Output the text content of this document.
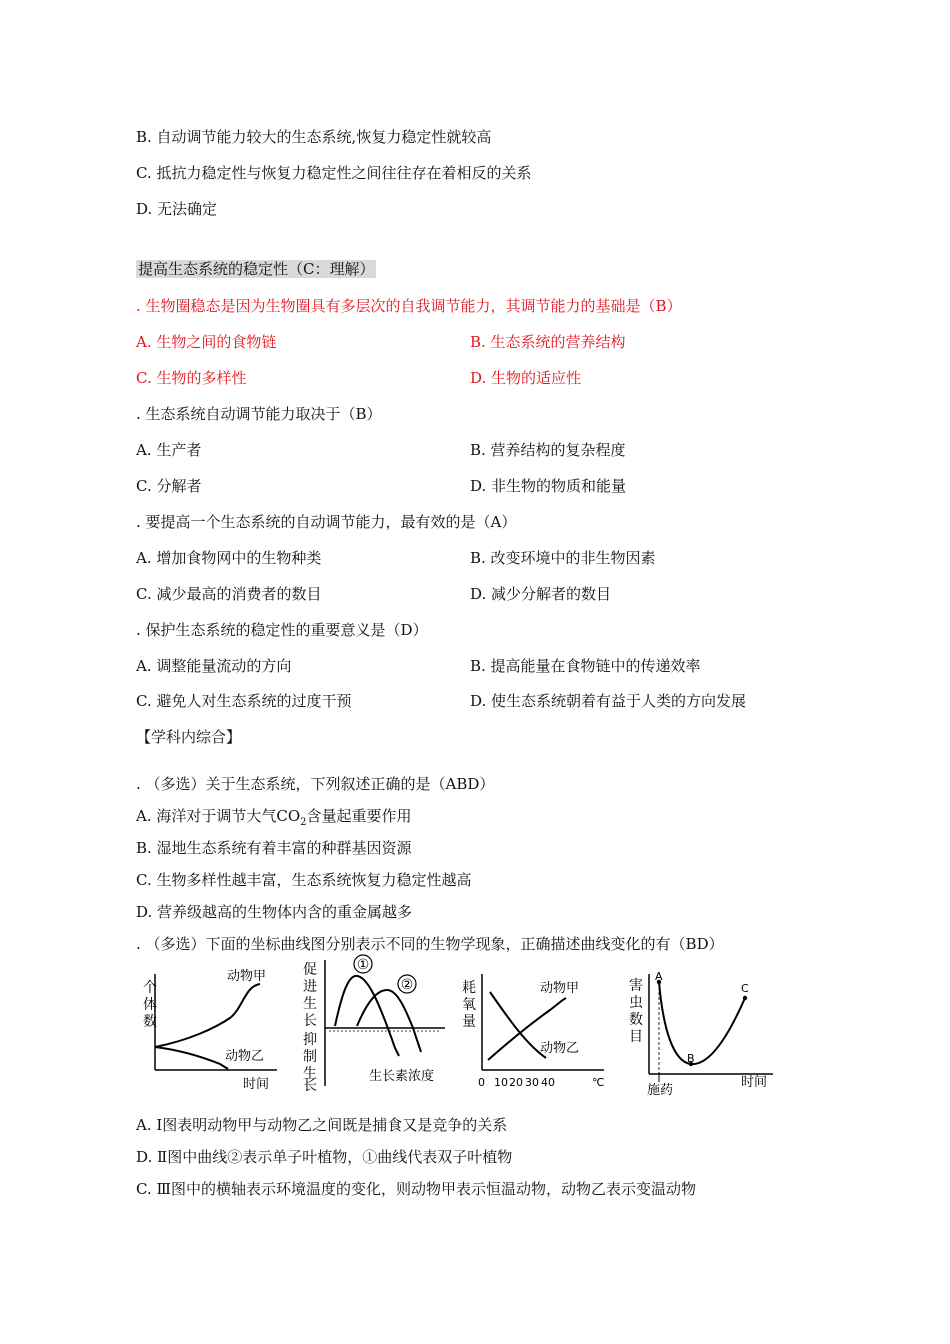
B. 自动调节能力较大的生态系统,恢复力稳定性就较高
C. 抵抗力稳定性与恢复力稳定性之间往往存在着相反的关系
D. 无法确定
提高生态系统的稳定性（C：理解）
. 生物圈稳态是因为生物圈具有多层次的自我调节能力，其调节能力的基础是（B）
A. 生物之间的食物链	B. 生态系统的营养结构
C. 生物的多样性	D. 生物的适应性
. 生态系统自动调节能力取决于（B）
A. 生产者	B. 营养结构的复杂程度
C. 分解者	D. 非生物的物质和能量
. 要提高一个生态系统的自动调节能力，最有效的是（A）
A. 增加食物网中的生物种类	B. 改变环境中的非生物因素
C. 减少最高的消费者的数目	D. 减少分解者的数目
. 保护生态系统的稳定性的重要意义是（D）
A. 调整能量流动的方向	B. 提高能量在食物链中的传递效率
C. 避免人对生态系统的过度干预	D. 使生态系统朝着有益于人类的方向发展
【学科内综合】
. （多选）关于生态系统，下列叙述正确的是（ABD）
A. 海洋对于调节大气$CO_2$含量起重要作用
B. 湿地生态系统有着丰富的种群基因资源
C. 生物多样性越丰富，生态系统恢复力稳定性越高
D. 营养级越高的生物体内含的重金属越多
. （多选）下面的坐标曲线图分别表示不同的生物学现象，正确描述曲线变化的有（BD）
个
体
数
动物甲
动物乙
时间
促
进
生
长
抑
制
生
长
①
②
生长素浓度
耗
氧
量
动物甲
动物乙
0 10 20 30 40	℃
害
虫
数
目
A
B
C
施药
时间
A. Ⅰ图表明动物甲与动物乙之间既是捕食又是竞争的关系
D. Ⅱ图中曲线②表示单子叶植物，①曲线代表双子叶植物
C. Ⅲ图中的横轴表示环境温度的变化，则动物甲表示恒温动物，动物乙表示变温动物
